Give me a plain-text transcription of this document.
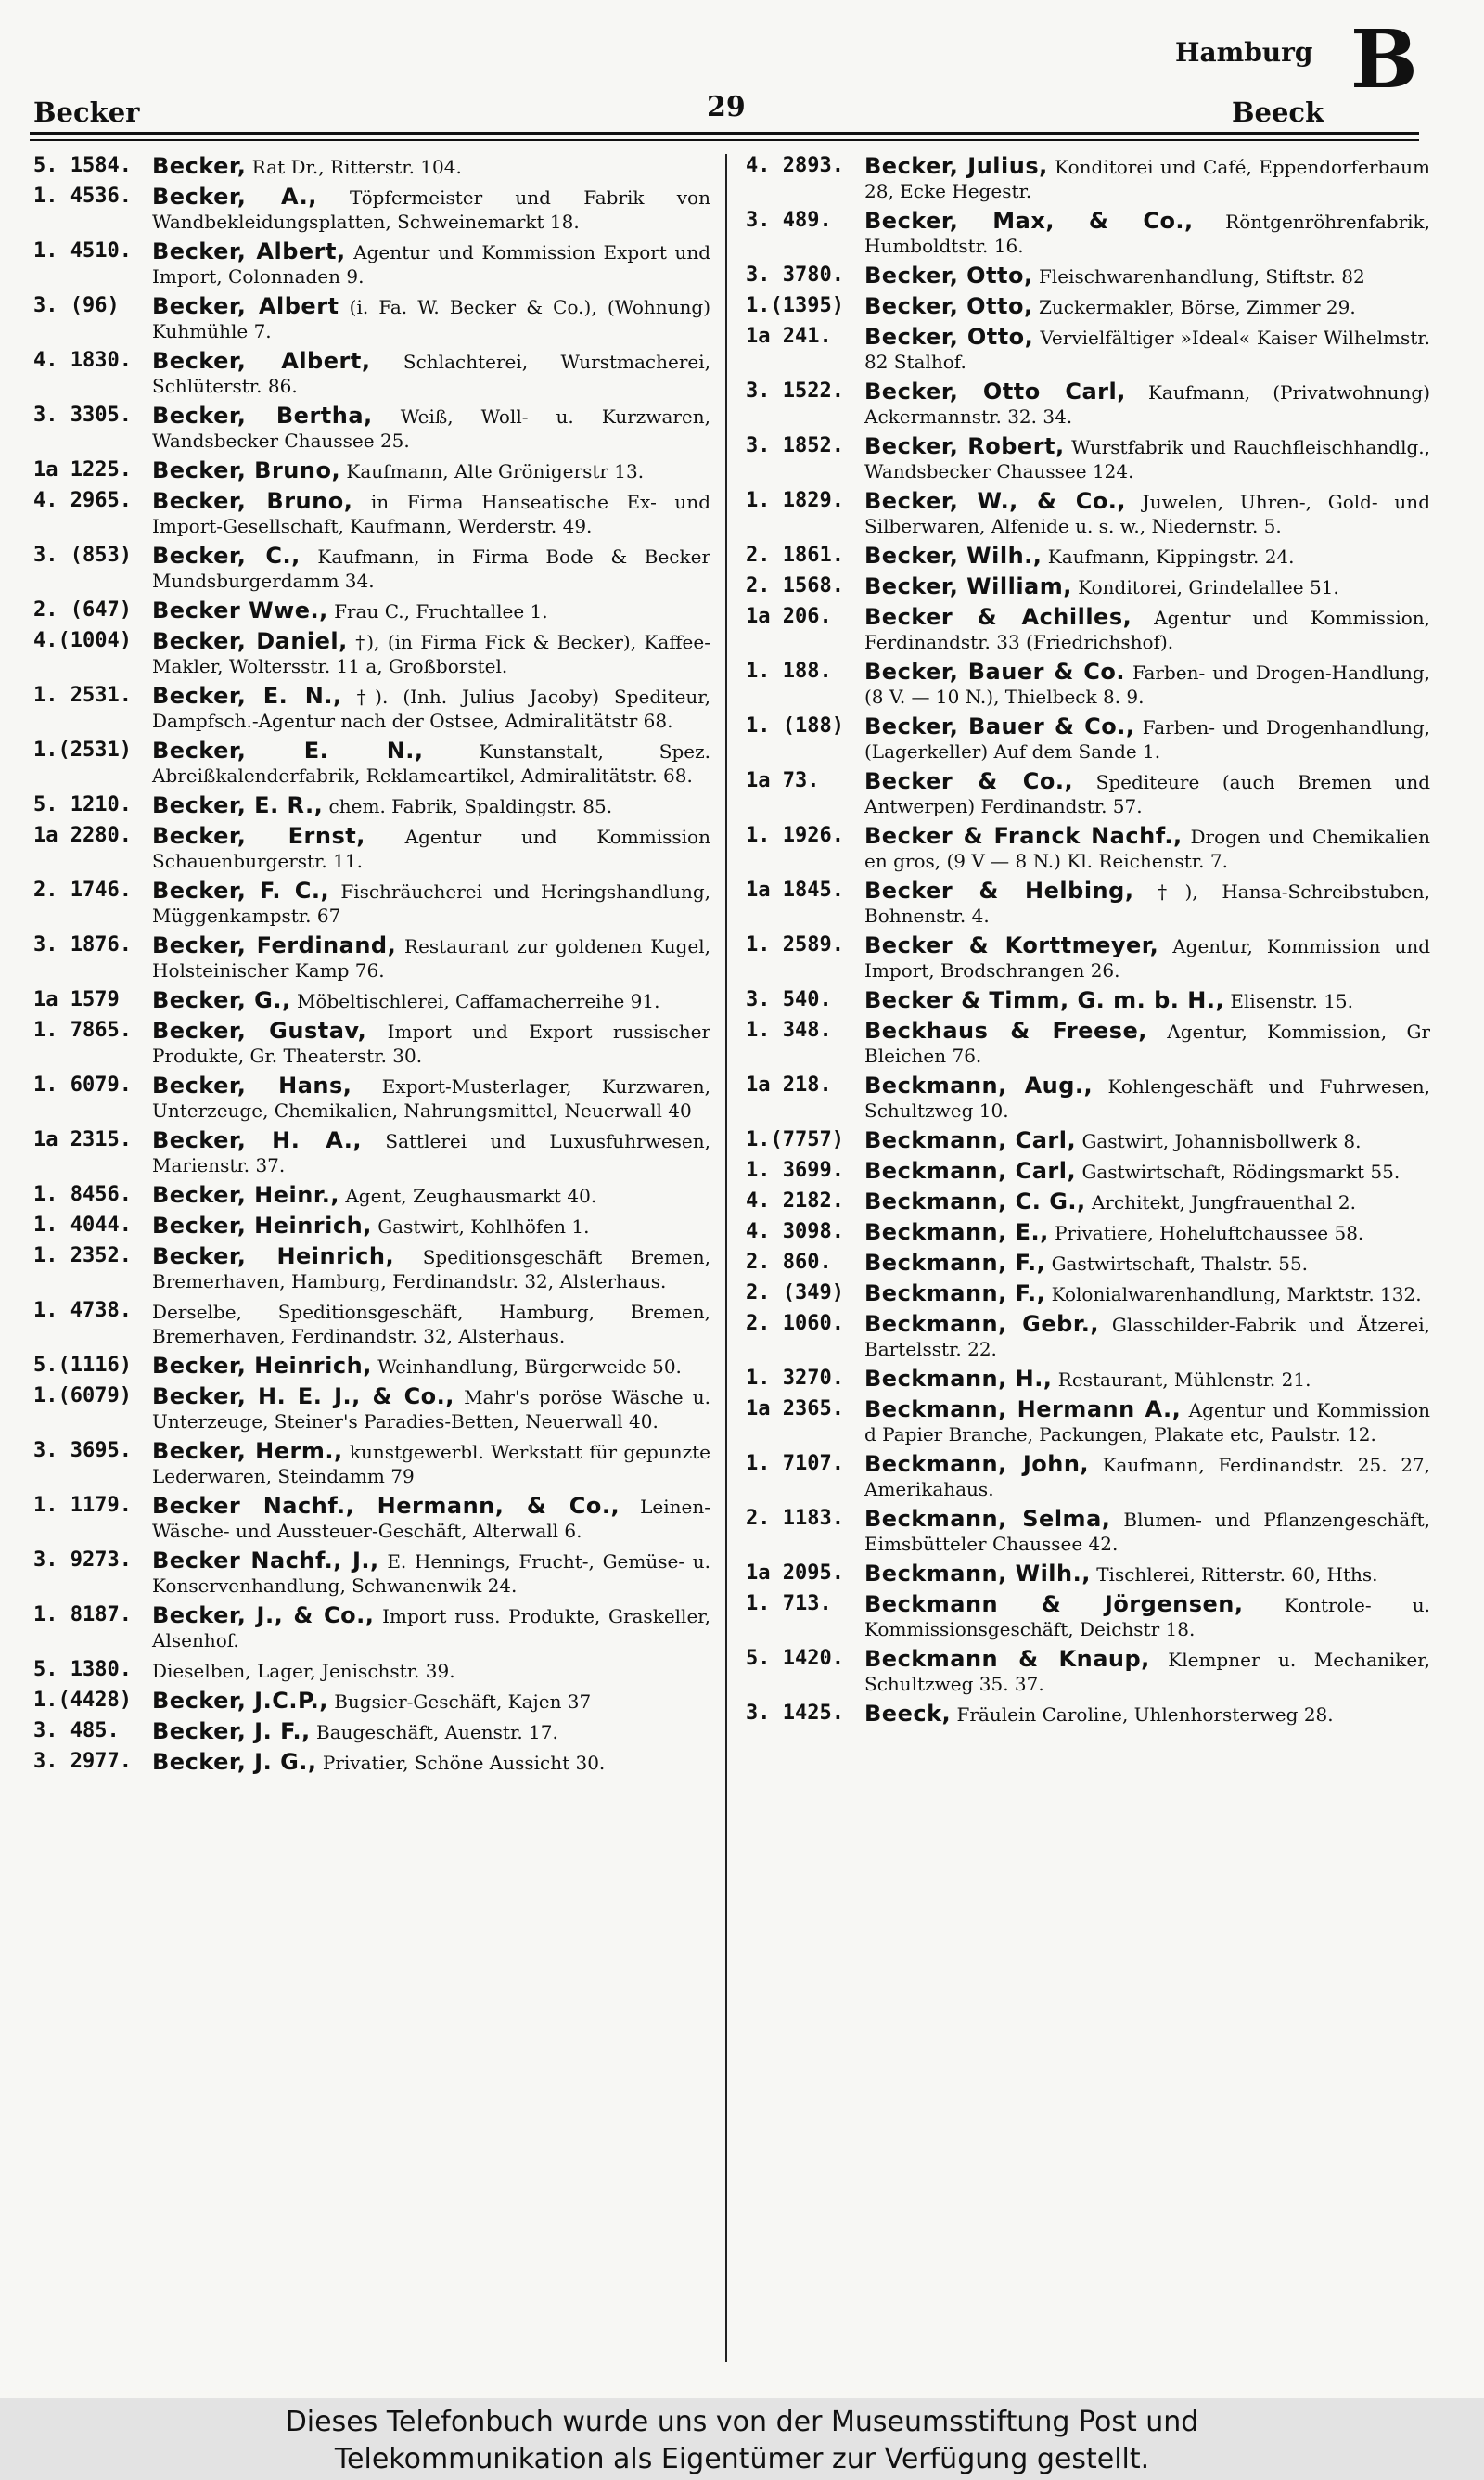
Becker	29
Hamburg
Beeck
B
5. 1584. Becker, Rat Dr., Ritterstr. 104.
1. 4536. Becker, A., Töpfermeister und Fabrik von Wandbekleidungsplatten, Schweinemarkt 18.
1. 4510. Becker, Albert, Agentur und Kommission Export und Import, Colonnaden 9.
3. (96)	Becker, Albert (i. Fa. W. Becker & Co.), (Wohnung) Kuhmühle 7.
4. 1830. Becker, Albert, Schlachterei, Wurstmacherei, Schlüterstr. 86.
3. 3305. Becker, Bertha, Weiß, Woll- u. Kurzwaren, Wandsbecker Chaussee 25.
1a 1225. Becker, Bruno, Kaufmann, Alte Grönigerstr 13.
4. 2965. Becker, Bruno, in Firma Hanseatische Ex- und Import-Gesellschaft, Kaufmann, Werderstr. 49.
3. (853) Becker, C., Kaufmann, in Firma Bode & Becker Mundsburgerdamm 34.
2. (647) Becker Wwe., Frau C., Fruchtallee 1.
4.(1004) Becker, Daniel, †), (in Firma Fick & Becker), Kaffee-Makler, Woltersstr. 11 a, Großborstel.
1. 2531. Becker, E. N., †). (Inh. Julius Jacoby) Spediteur, Dampfsch.-Agentur nach der Ostsee, Admiralitätstr 68.
1.(2531) Becker, E. N., Kunstanstalt, Spez. Abreißkalenderfabrik, Reklameartikel, Admiralitätstr. 68.
5. 1210. Becker, E. R., chem. Fabrik, Spaldingstr. 85.
1a 2280. Becker, Ernst, Agentur und Kommission Schauenburgerstr. 11.
2. 1746. Becker, F. C., Fischräucherei und Heringshandlung, Müggenkampstr. 67
3. 1876. Becker, Ferdinand, Restaurant zur goldenen Kugel, Holsteinischer Kamp 76.
1a 1579	Becker, G., Möbeltischlerei, Caffamacherreihe 91.
1. 7865. Becker, Gustav, Import und Export russischer Produkte, Gr. Theaterstr. 30.
1. 6079. Becker, Hans, Export-Musterlager, Kurzwaren, Unterzeuge, Chemikalien, Nahrungsmittel, Neuerwall 40
1a 2315. Becker, H. A., Sattlerei und Luxusfuhrwesen, Marienstr. 37.
1. 8456. Becker, Heinr., Agent, Zeughausmarkt 40.
1. 4044. Becker, Heinrich, Gastwirt, Kohlhöfen 1.
1. 2352. Becker, Heinrich, Speditionsgeschäft Bremen, Bremerhaven, Hamburg, Ferdinandstr. 32, Alsterhaus.
1. 4738.	Derselbe, Speditionsgeschäft, Hamburg, Bremen, Bremerhaven, Ferdinandstr. 32, Alsterhaus.
5.(1116) Becker, Heinrich, Weinhandlung, Bürgerweide 50.
1.(6079) Becker, H. E. J., & Co., Mahr's poröse Wäsche u. Unterzeuge, Steiner's Paradies-Betten, Neuerwall 40.
3. 3695. Becker, Herm., kunstgewerbl. Werkstatt für gepunzte Lederwaren, Steindamm 79
1. 1179. Becker Nachf., Hermann, & Co., Leinen-Wäsche- und Aussteuer-Geschäft, Alterwall 6.
3. 9273. Becker Nachf., J., E. Hennings, Frucht-, Gemüse- u. Konservenhandlung, Schwanenwik 24.
1. 8187. Becker, J., & Co., Import russ. Produkte, Graskeller, Alsenhof.
5. 1380.	Dieselben, Lager, Jenischstr. 39.
1.(4428) Becker, J.C.P., Bugsier-Geschäft, Kajen 37
3. 485.	Becker, J. F., Baugeschäft, Auenstr. 17.
3. 2977. Becker, J. G., Privatier, Schöne Aussicht 30.
4. 2893. Becker, Julius, Konditorei und Café, Eppendorferbaum 28, Ecke Hegestr.
3. 489.	Becker, Max, & Co., Röntgenröhrenfabrik, Humboldtstr. 16.
3. 3780. Becker, Otto, Fleischwarenhandlung, Stiftstr. 82
1.(1395) Becker, Otto, Zuckermakler, Börse, Zimmer 29.
1a 241.	Becker, Otto, Vervielfältiger »Ideal« Kaiser Wilhelmstr. 82 Stalhof.
3. 1522. Becker, Otto Carl, Kaufmann, (Privatwohnung) Ackermannstr. 32. 34.
3. 1852. Becker, Robert, Wurstfabrik und Rauchfleischhandlg., Wandsbecker Chaussee 124.
1. 1829. Becker, W., & Co., Juwelen, Uhren-, Gold- und Silberwaren, Alfenide u. s. w., Niedernstr. 5.
2. 1861. Becker, Wilh., Kaufmann, Kippingstr. 24.
2. 1568. Becker, William, Konditorei, Grindelallee 51.
1a 206.	Becker & Achilles, Agentur und Kommission, Ferdinandstr. 33 (Friedrichshof).
1. 188.	Becker, Bauer & Co. Farben- und Drogen-Handlung, (8 V. — 10 N.), Thielbeck 8. 9.
1. (188) Becker, Bauer & Co., Farben- und Drogenhandlung, (Lagerkeller) Auf dem Sande 1.
1a 73.	Becker & Co., Spediteure (auch Bremen und Antwerpen) Ferdinandstr. 57.
1. 1926. Becker & Franck Nachf., Drogen und Chemikalien en gros, (9 V — 8 N.) Kl. Reichenstr. 7.
1a 1845. Becker & Helbing, †), Hansa-Schreibstuben, Bohnenstr. 4.
1. 2589. Becker & Korttmeyer, Agentur, Kommission und Import, Brodschrangen 26.
3. 540.	Becker & Timm, G. m. b. H., Elisenstr. 15.
1. 348.	Beckhaus & Freese, Agentur, Kommission, Gr Bleichen 76.
1a 218.	Beckmann, Aug., Kohlengeschäft und Fuhrwesen, Schultzweg 10.
1.(7757) Beckmann, Carl, Gastwirt, Johannisbollwerk 8.
1. 3699. Beckmann, Carl, Gastwirtschaft, Rödingsmarkt 55.
4. 2182. Beckmann, C. G., Architekt, Jungfrauenthal 2.
4. 3098. Beckmann, E., Privatiere, Hoheluftchaussee 58.
2. 860.	Beckmann, F., Gastwirtschaft, Thalstr. 55.
2. (349) Beckmann, F., Kolonialwarenhandlung, Marktstr. 132.
2. 1060. Beckmann, Gebr., Glasschilder-Fabrik und Ätzerei, Bartelsstr. 22.
1. 3270. Beckmann, H., Restaurant, Mühlenstr. 21.
1a 2365. Beckmann, Hermann A., Agentur und Kommission d Papier Branche, Packungen, Plakate etc, Paulstr. 12.
1. 7107. Beckmann, John, Kaufmann, Ferdinandstr. 25. 27, Amerikahaus.
2. 1183. Beckmann, Selma, Blumen- und Pflanzengeschäft, Eimsbütteler Chaussee 42.
1a 2095. Beckmann, Wilh., Tischlerei, Ritterstr. 60, Hths.
1. 713.	Beckmann & Jörgensen, Kontrole- u. Kommissionsgeschäft, Deichstr 18.
5. 1420. Beckmann & Knaup, Klempner u. Mechaniker, Schultzweg 35. 37.
3. 1425. Beeck, Fräulein Caroline, Uhlenhorsterweg 28.
Dieses Telefonbuch wurde uns von der Museumsstiftung Post und
Telekommunikation als Eigentümer zur Verfügung gestellt.
